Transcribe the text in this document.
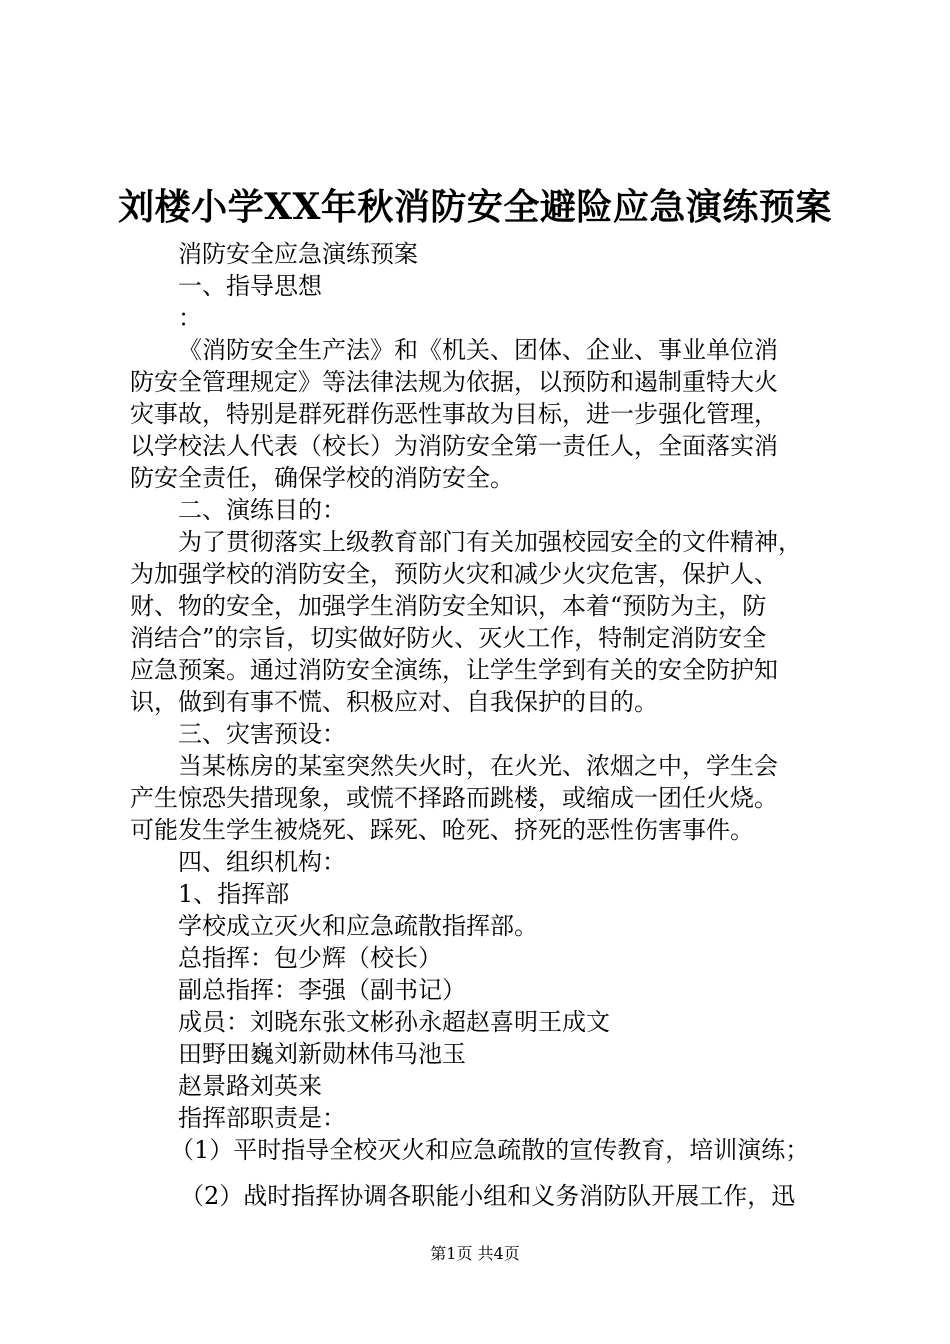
刘楼小学XX年秋消防安全避险应急演练预案
消防安全应急演练预案
一、指导思想
：
《消防安全生产法》和《机关、团体、企业、事业单位消
防安全管理规定》等法律法规为依据，以预防和遏制重特大火
灾事故，特别是群死群伤恶性事故为目标，进一步强化管理，
以学校法人代表（校长）为消防安全第一责任人，全面落实消
防安全责任，确保学校的消防安全。
二、演练目的：
为了贯彻落实上级教育部门有关加强校园安全的文件精神，
为加强学校的消防安全，预防火灾和减少火灾危害，保护人、
财、物的安全，加强学生消防安全知识，本着“预防为主，防
消结合”的宗旨，切实做好防火、灭火工作，特制定消防安全
应急预案。通过消防安全演练，让学生学到有关的安全防护知
识，做到有事不慌、积极应对、自我保护的目的。
三、灾害预设：
当某栋房的某室突然失火时，在火光、浓烟之中，学生会
产生惊恐失措现象，或慌不择路而跳楼，或缩成一团任火烧。
可能发生学生被烧死、踩死、呛死、挤死的恶性伤害事件。
四、组织机构：
1、指挥部
学校成立灭火和应急疏散指挥部。
总指挥：包少辉（校长）
副总指挥：李强（副书记）
成员：刘晓东张文彬孙永超赵喜明王成文
田野田巍刘新勋林伟马池玉
赵景路刘英来
指挥部职责是：
（1）平时指导全校灭火和应急疏散的宣传教育，培训演练；
（2）战时指挥协调各职能小组和义务消防队开展工作，迅
第1页 共4页
